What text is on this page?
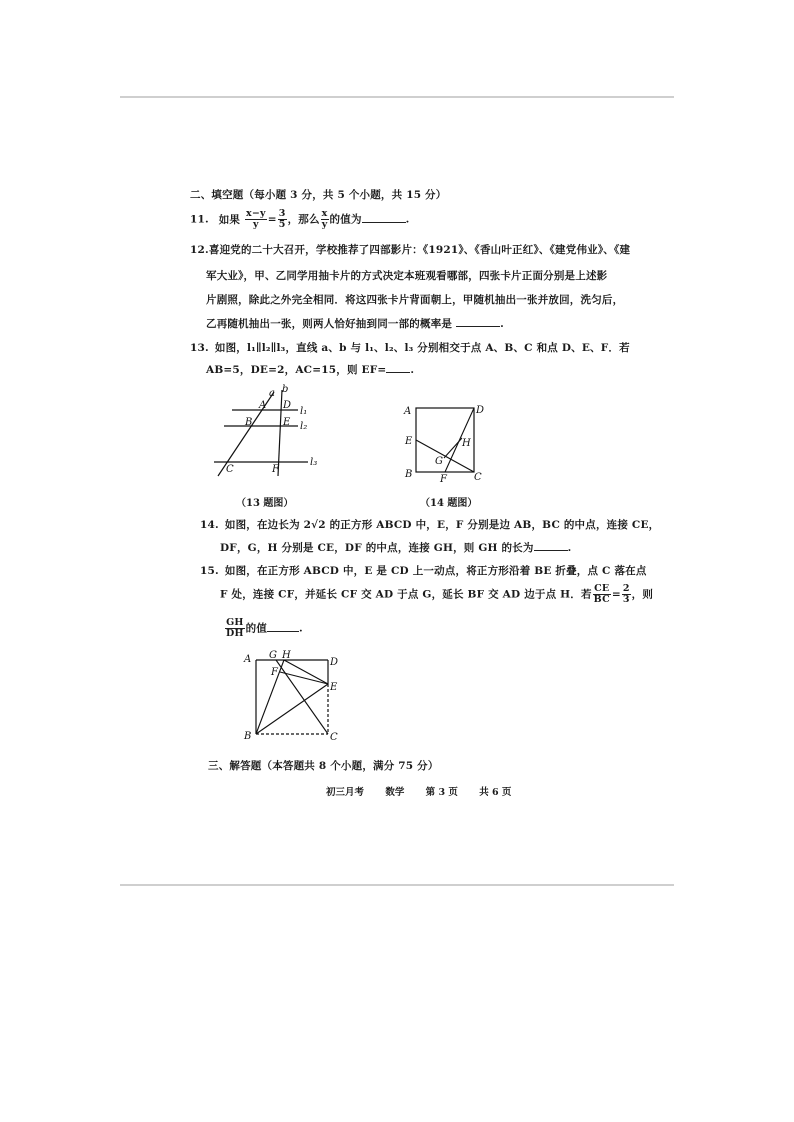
二、填空题（每小题 3 分，共 5 个小题，共 15 分）
11. 如果 $\frac{x-y}{y} = \frac{3}{5}$ ，那么 $\frac{x}{y}$ 的值为	.
12.喜迎党的二十大召开，学校推荐了四部影片：《1921》、《香山叶正红》、《建党伟业》、《建
军大业》，甲、乙同学用抽卡片的方式决定本班观看哪部，四张卡片正面分别是上述影
片剧照，除此之外完全相同．将这四张卡片背面朝上，甲随机抽出一张并放回，洗匀后，
乙再随机抽出一张，则两人恰好抽到同一部的概率是	.
13. 如图，l₁∥l₂∥l₃，直线 a、b 与 l₁、l₂、l₃ 分别相交于点 A、B、C 和点 D、E、F．若
AB=5，DE=2，AC=15，则 EF= .
a b
A D
l₁
B	E l₂
C	F
l₃
（13 题图）
A	D
E	H
G
B	F	C
（14 题图）
14. 如图，在边长为 2√2 的正方形 ABCD 中，E，F 分别是边 AB，BC 的中点，连接 CE，
DF，G，H 分别是 CE，DF 的中点，连接 GH，则 GH 的长为	.
15. 如图，在正方形 ABCD 中，E 是 CD 上一动点，将正方形沿着 BE 折叠，点 C 落在点
F 处，连接 CF，并延长 CF 交 AD 于点 G，延长 BF 交 AD 边于点 H．若 $\frac{CE}{BC} = \frac{2}{3}$ ，则
$\frac{GH}{DH}$ 的值	.
A G H
D
F
E
B	C
三、解答题（本答题共 8 个小题，满分 75 分）
初三月考 数学 第 3 页 共 6 页
